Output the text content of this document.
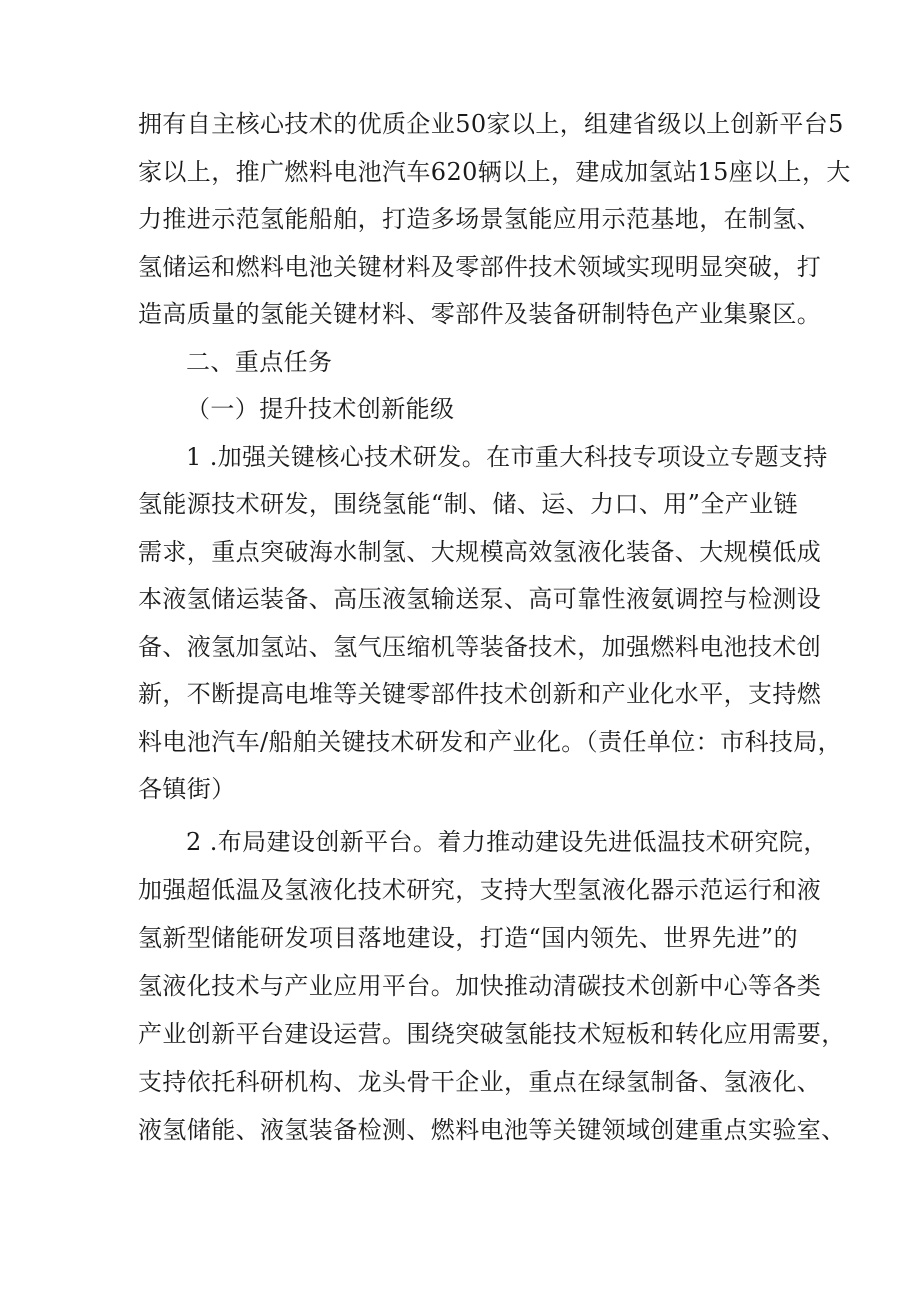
拥有自主核心技术的优质企业50家以上，组建省级以上创新平台5
家以上，推广燃料电池汽车620辆以上，建成加氢站15座以上，大
力推进示范氢能船舶，打造多场景氢能应用示范基地，在制氢、
氢储运和燃料电池关键材料及零部件技术领域实现明显突破，打
造高质量的氢能关键材料、零部件及装备研制特色产业集聚区。
二、重点任务
（一）提升技术创新能级
1 .加强关键核心技术研发。在市重大科技专项设立专题支持
氢能源技术研发，围绕氢能“制、储、运、力口、用”全产业链
需求，重点突破海水制氢、大规模高效氢液化装备、大规模低成
本液氢储运装备、高压液氢输送泵、高可靠性液氨调控与检测设
备、液氢加氢站、氢气压缩机等装备技术，加强燃料电池技术创
新，不断提高电堆等关键零部件技术创新和产业化水平，支持燃
料电池汽车/船舶关键技术研发和产业化。（责任单位：市科技局，
各镇街）
2 .布局建设创新平台。着力推动建设先进低温技术研究院，
加强超低温及氢液化技术研究，支持大型氢液化器示范运行和液
氢新型储能研发项目落地建设，打造“国内领先、世界先进”的
氢液化技术与产业应用平台。加快推动清碳技术创新中心等各类
产业创新平台建设运营。围绕突破氢能技术短板和转化应用需要，
支持依托科研机构、龙头骨干企业，重点在绿氢制备、氢液化、
液氢储能、液氢装备检测、燃料电池等关键领域创建重点实验室、
